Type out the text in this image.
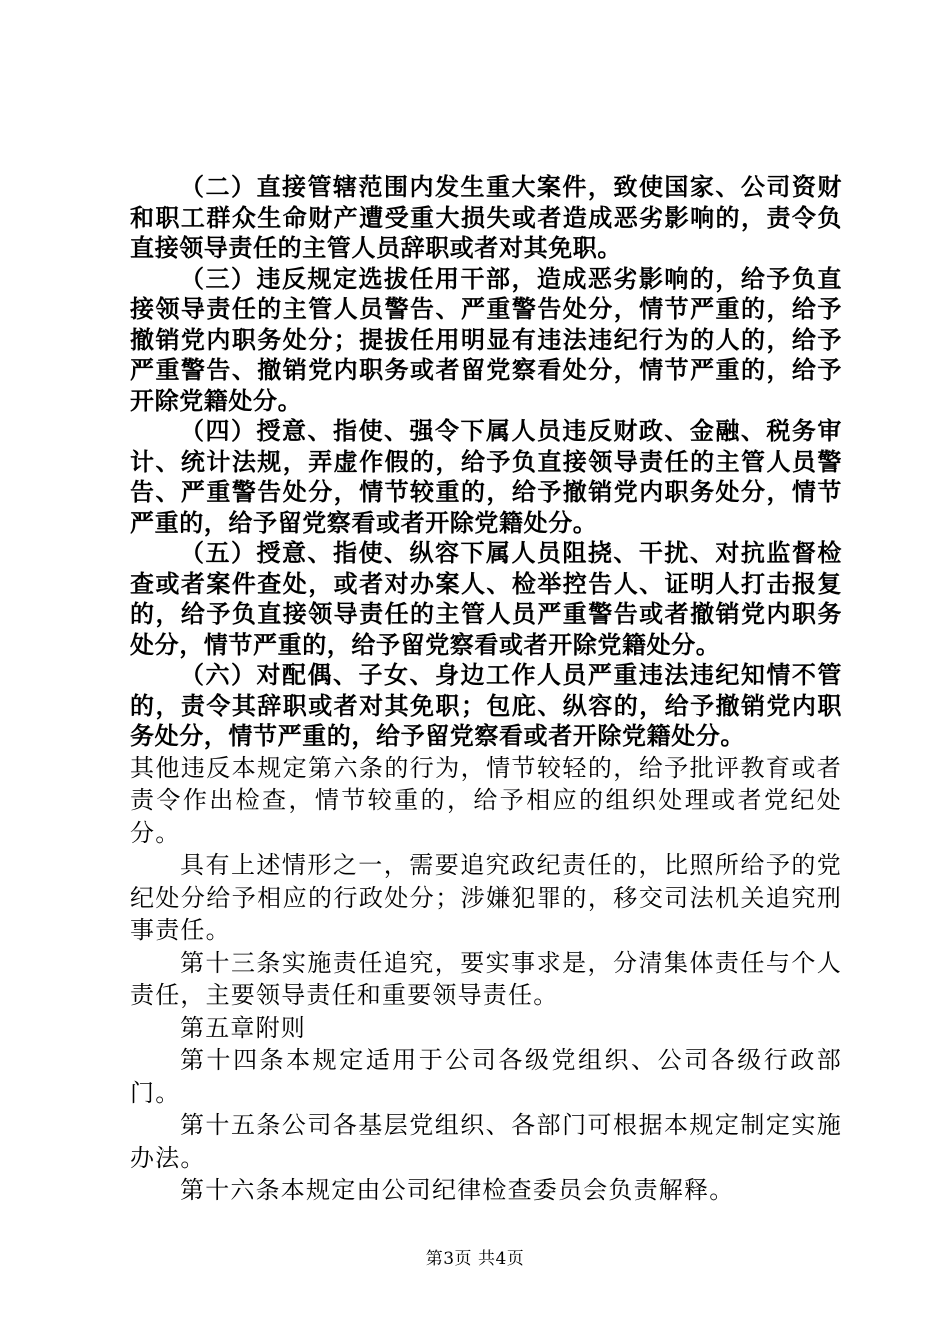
（二）直接管辖范围内发生重大案件，致使国家、公司资财和职工群众生命财产遭受重大损失或者造成恶劣影响的，责令负直接领导责任的主管人员辞职或者对其免职。

（三）违反规定选拔任用干部，造成恶劣影响的，给予负直接领导责任的主管人员警告、严重警告处分，情节严重的，给予撤销党内职务处分；提拔任用明显有违法违纪行为的人的，给予严重警告、撤销党内职务或者留党察看处分，情节严重的，给予开除党籍处分。

（四）授意、指使、强令下属人员违反财政、金融、税务审计、统计法规，弄虚作假的，给予负直接领导责任的主管人员警告、严重警告处分，情节较重的，给予撤销党内职务处分，情节严重的，给予留党察看或者开除党籍处分。

（五）授意、指使、纵容下属人员阻挠、干扰、对抗监督检查或者案件查处，或者对办案人、检举控告人、证明人打击报复的，给予负直接领导责任的主管人员严重警告或者撤销党内职务处分，情节严重的，给予留党察看或者开除党籍处分。

（六）对配偶、子女、身边工作人员严重违法违纪知情不管的，责令其辞职或者对其免职；包庇、纵容的，给予撤销党内职务处分，情节严重的，给予留党察看或者开除党籍处分。

其他违反本规定第六条的行为，情节较轻的，给予批评教育或者责令作出检查，情节较重的，给予相应的组织处理或者党纪处分。

具有上述情形之一，需要追究政纪责任的，比照所给予的党纪处分给予相应的行政处分；涉嫌犯罪的，移交司法机关追究刑事责任。

第十三条实施责任追究，要实事求是，分清集体责任与个人责任，主要领导责任和重要领导责任。

第五章附则

第十四条本规定适用于公司各级党组织、公司各级行政部门。

第十五条公司各基层党组织、各部门可根据本规定制定实施办法。

第十六条本规定由公司纪律检查委员会负责解释。

第3页 共4页
